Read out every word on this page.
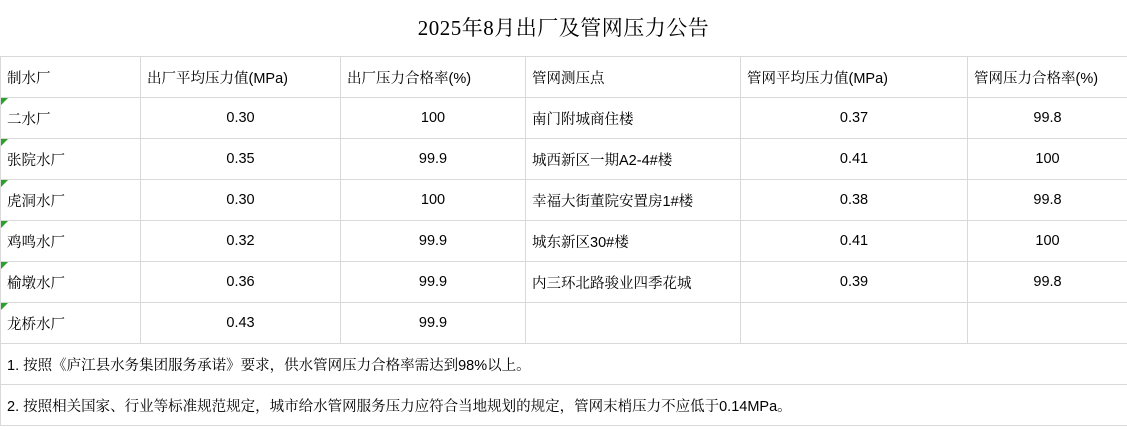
2025年8月出厂及管网压力公告
制水厂	出厂平均压力值(MPa)	出厂压力合格率(%)	管网测压点	管网平均压力值(MPa)	管网压力合格率(%)
二水厂	0.30	100	南门附城商住楼	0.37	99.8
张院水厂	0.35	99.9	城西新区一期A2-4#楼	0.41	100
虎洞水厂	0.30	100	幸福大街董院安置房1#楼	0.38	99.8
鸡鸣水厂	0.32	99.9	城东新区30#楼	0.41	100
榆墩水厂	0.36	99.9	内三环北路骏业四季花城	0.39	99.8
龙桥水厂	0.43	99.9			
1. 按照《庐江县水务集团服务承诺》要求，供水管网压力合格率需达到98%以上。					
2. 按照相关国家、行业等标准规范规定，城市给水管网服务压力应符合当地规划的规定，管网末梢压力不应低于0.14MPa。					
